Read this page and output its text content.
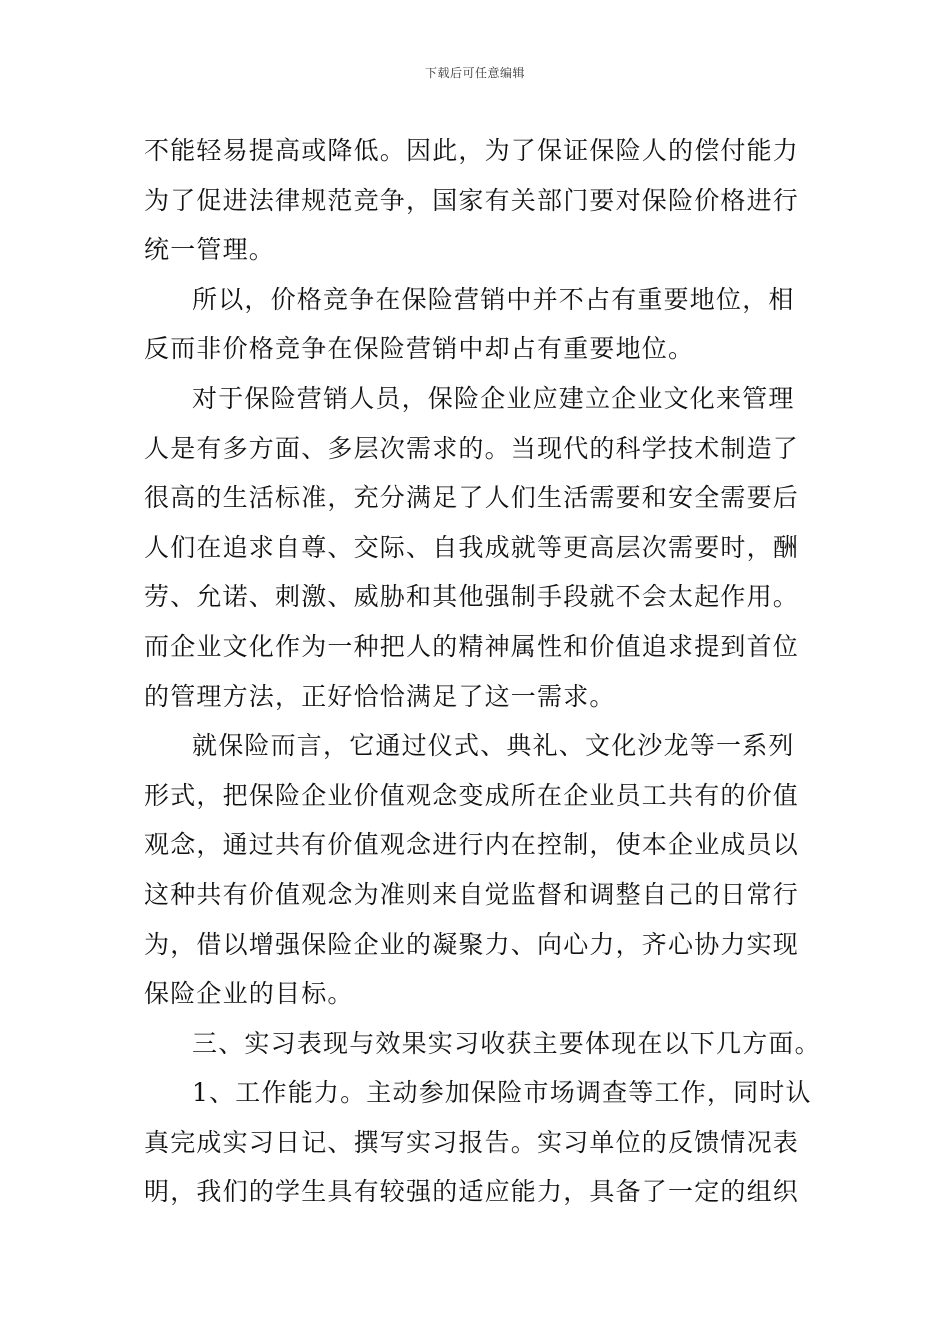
下载后可任意编辑
不能轻易提高或降低。因此，为了保证保险人的偿付能力
为了促进法律规范竞争，国家有关部门要对保险价格进行
统一管理。
所以，价格竞争在保险营销中并不占有重要地位，相
反而非价格竞争在保险营销中却占有重要地位。
对于保险营销人员，保险企业应建立企业文化来管理
人是有多方面、多层次需求的。当现代的科学技术制造了
很高的生活标准，充分满足了人们生活需要和安全需要后
人们在追求自尊、交际、自我成就等更高层次需要时，酬
劳、允诺、刺激、威胁和其他强制手段就不会太起作用。
而企业文化作为一种把人的精神属性和价值追求提到首位
的管理方法，正好恰恰满足了这一需求。
就保险而言，它通过仪式、典礼、文化沙龙等一系列
形式，把保险企业价值观念变成所在企业员工共有的价值
观念，通过共有价值观念进行内在控制，使本企业成员以
这种共有价值观念为准则来自觉监督和调整自己的日常行
为，借以增强保险企业的凝聚力、向心力，齐心协力实现
保险企业的目标。
三、实习表现与效果实习收获主要体现在以下几方面。
1、工作能力。主动参加保险市场调查等工作，同时认
真完成实习日记、撰写实习报告。实习单位的反馈情况表
明，我们的学生具有较强的适应能力，具备了一定的组织
